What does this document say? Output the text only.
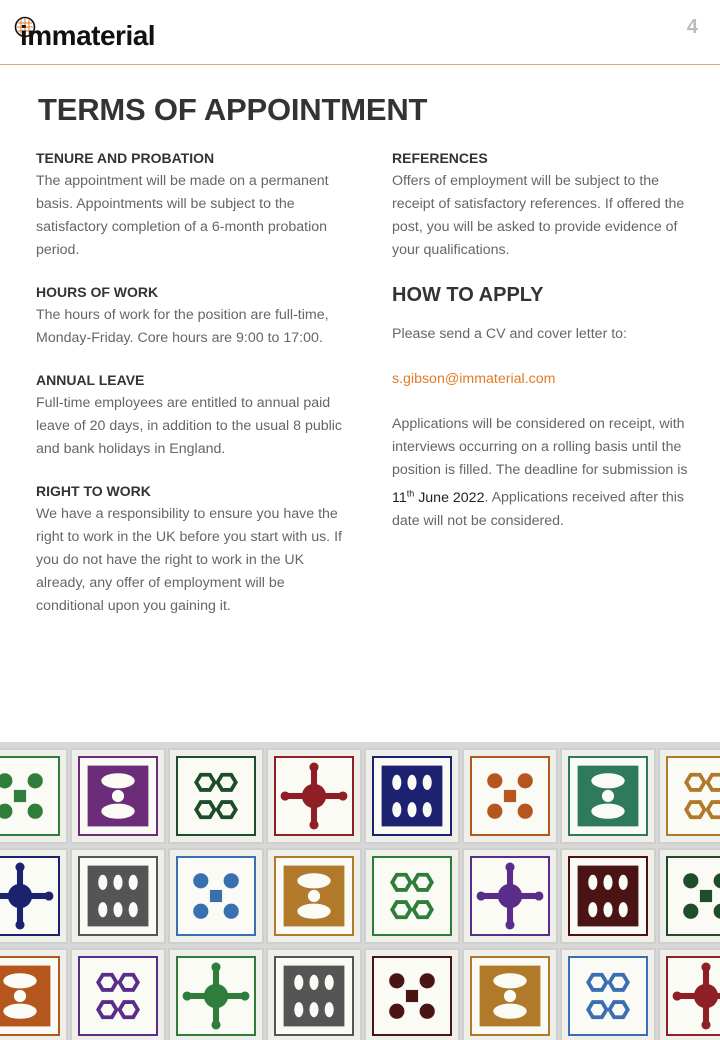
immaterial	4
TERMS OF APPOINTMENT
TENURE AND PROBATION

The appointment will be made on a permanent basis. Appointments will be subject to the satisfactory completion of a 6-month probation period.

HOURS OF WORK

The hours of work for the position are full-time, Monday-Friday. Core hours are 9:00 to 17:00.

ANNUAL LEAVE

Full-time employees are entitled to annual paid leave of 20 days, in addition to the usual 8 public and bank holidays in England.

RIGHT TO WORK

We have a responsibility to ensure you have the right to work in the UK before you start with us. If you do not have the right to work in the UK already, any offer of employment will be conditional upon you gaining it.

REFERENCES

Offers of employment will be subject to the receipt of satisfactory references. If offered the post, you will be asked to provide evidence of your qualifications.

HOW TO APPLY

Please send a CV and cover letter to:

s.gibson@immaterial.com

Applications will be considered on receipt, with interviews occurring on a rolling basis until the position is filled. The deadline for submission is 11th June 2022. Applications received after this date will not be considered.
